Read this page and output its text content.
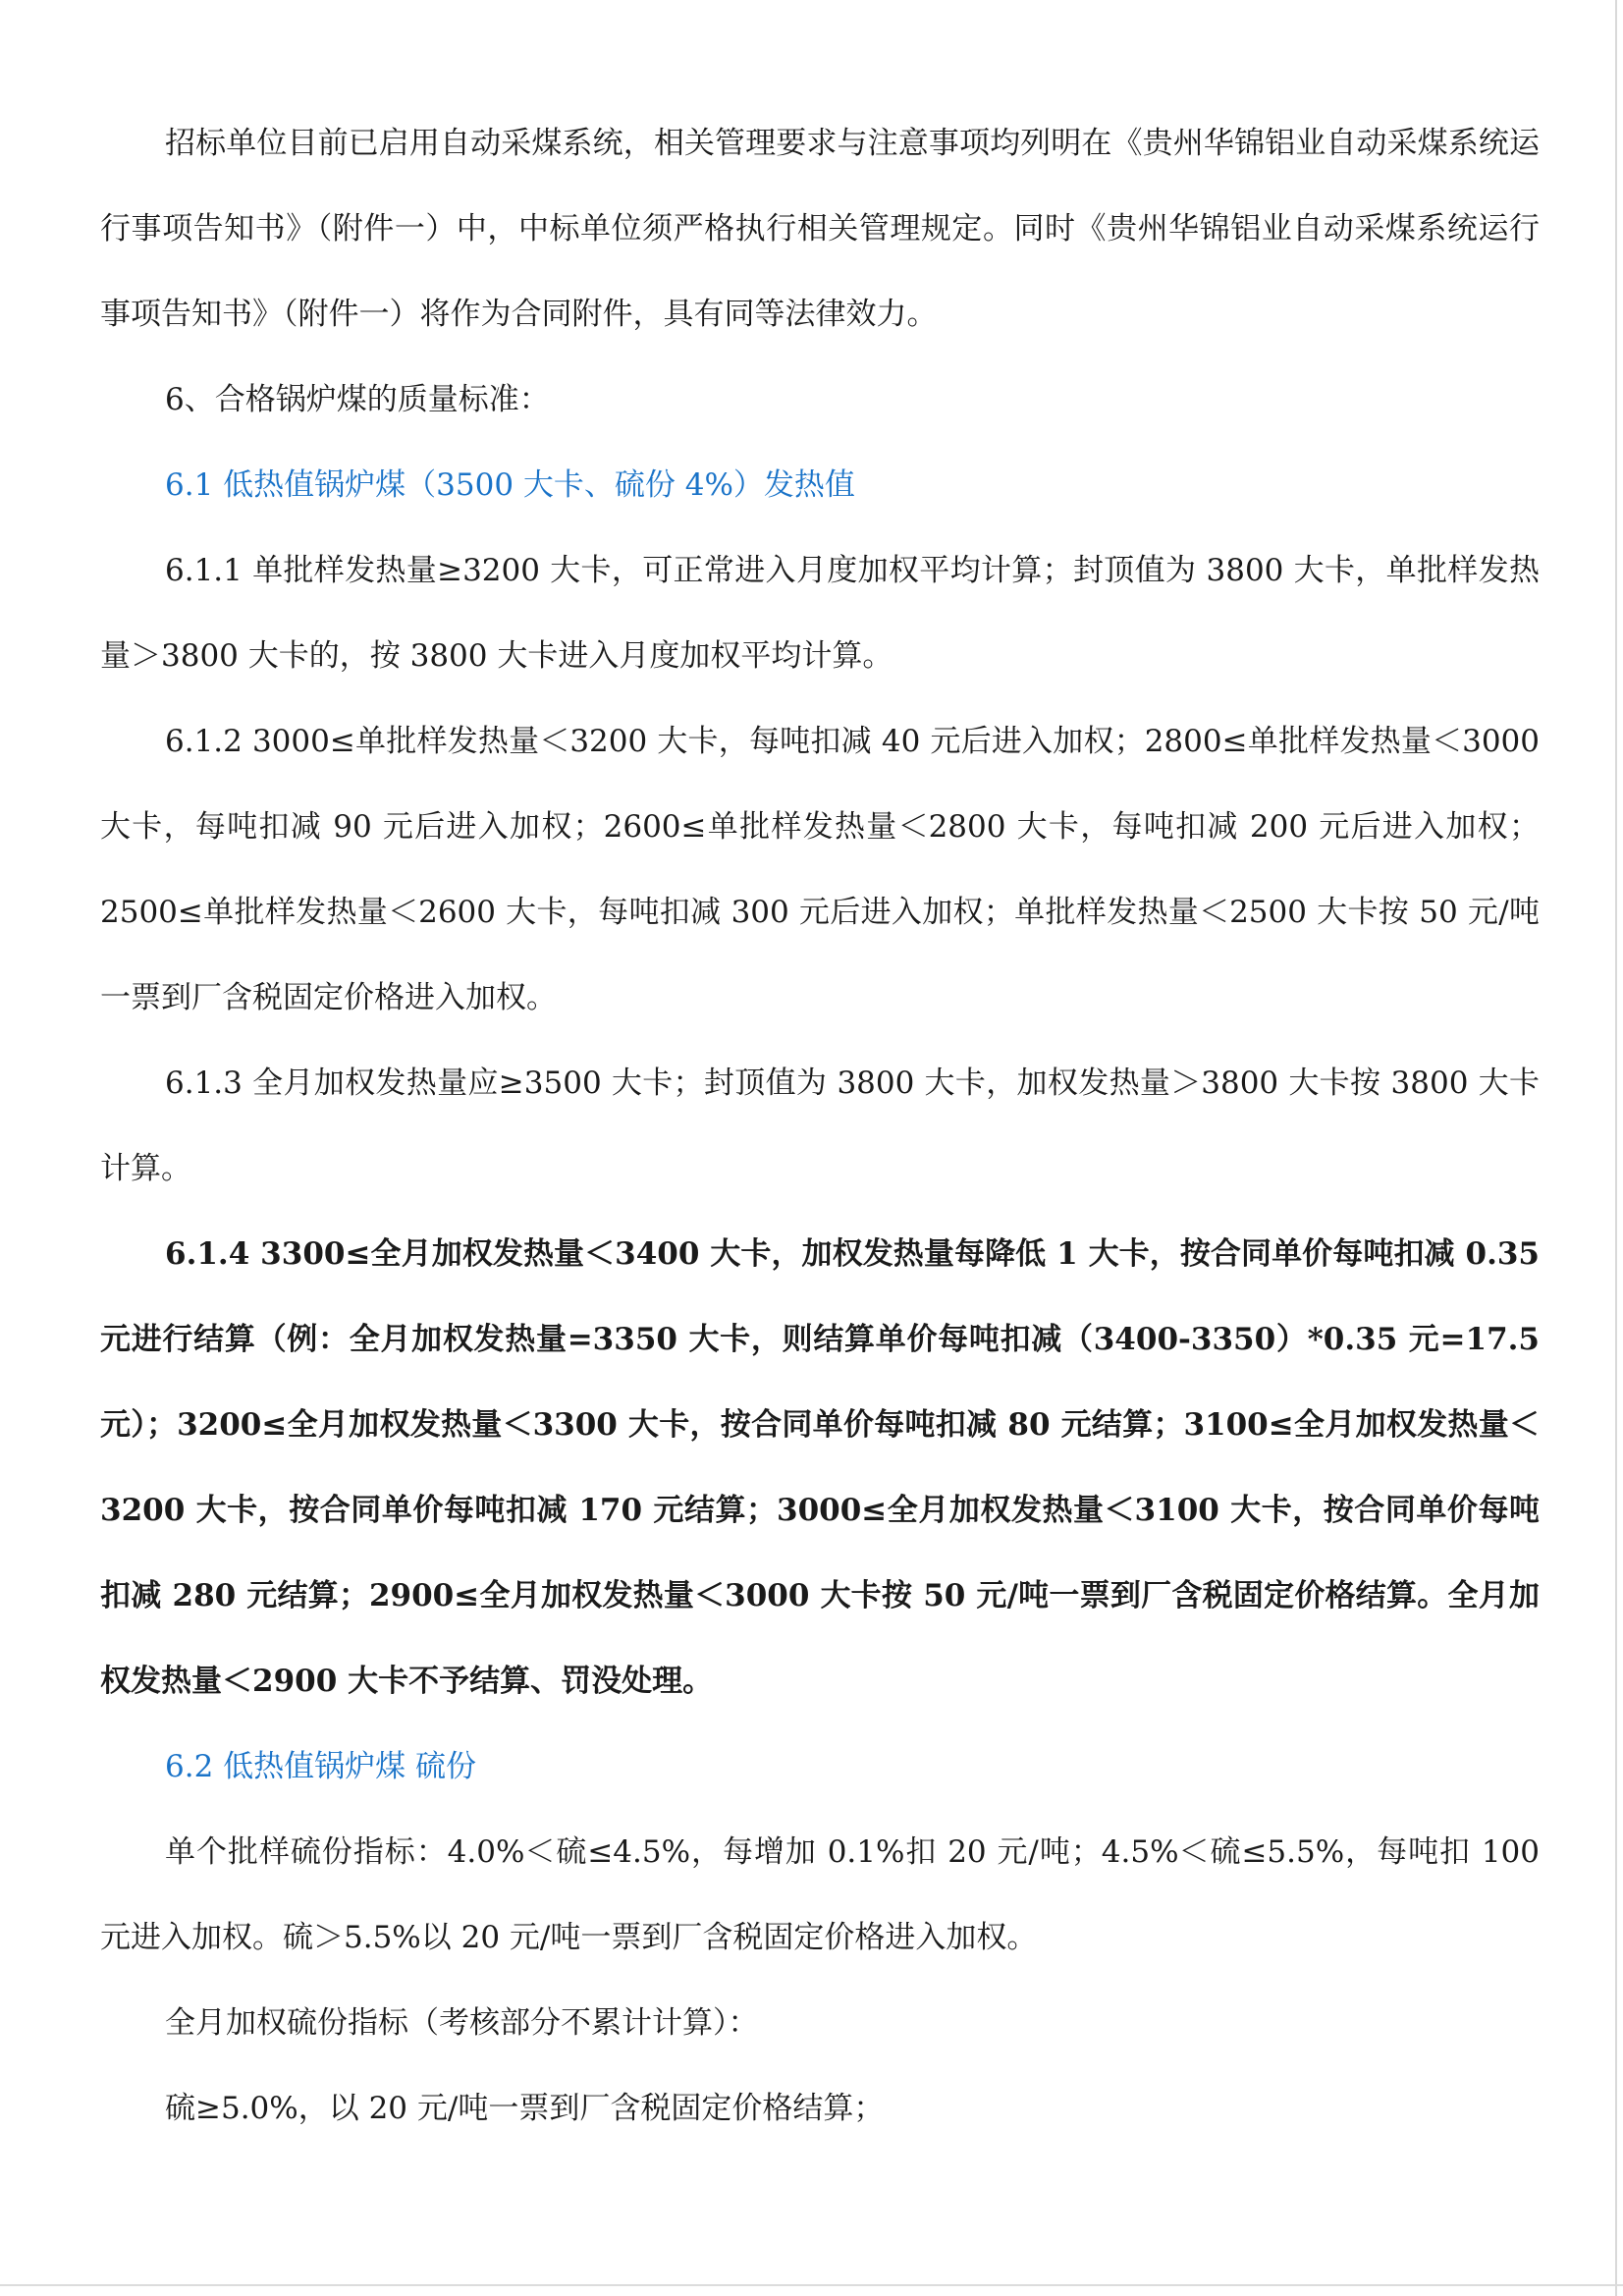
招标单位目前已启用自动采煤系统，相关管理要求与注意事项均列明在《贵州华锦铝业自动采煤系统运行事项告知书》（附件一）中，中标单位须严格执行相关管理规定。同时《贵州华锦铝业自动采煤系统运行事项告知书》（附件一）将作为合同附件，具有同等法律效力。

6、合格锅炉煤的质量标准：

6.1 低热值锅炉煤（3500 大卡、硫份 4%）发热值

6.1.1 单批样发热量≥3200 大卡，可正常进入月度加权平均计算；封顶值为 3800 大卡，单批样发热量＞3800 大卡的，按 3800 大卡进入月度加权平均计算。

6.1.2 3000≤单批样发热量＜3200 大卡，每吨扣减 40 元后进入加权；2800≤单批样发热量＜3000 大卡，每吨扣减 90 元后进入加权；2600≤单批样发热量＜2800 大卡，每吨扣减 200 元后进入加权；2500≤单批样发热量＜2600 大卡，每吨扣减 300 元后进入加权；单批样发热量＜2500 大卡按 50 元/吨一票到厂含税固定价格进入加权。

6.1.3 全月加权发热量应≥3500 大卡；封顶值为 3800 大卡，加权发热量＞3800 大卡按 3800 大卡计算。

6.1.4 3300≤全月加权发热量＜3400 大卡，加权发热量每降低 1 大卡，按合同单价每吨扣减 0.35 元进行结算（例：全月加权发热量=3350 大卡，则结算单价每吨扣减（3400-3350）*0.35 元=17.5 元）；3200≤全月加权发热量＜3300 大卡，按合同单价每吨扣减 80 元结算；3100≤全月加权发热量＜3200 大卡，按合同单价每吨扣减 170 元结算；3000≤全月加权发热量＜3100 大卡，按合同单价每吨扣减 280 元结算；2900≤全月加权发热量＜3000 大卡按 50 元/吨一票到厂含税固定价格结算。全月加权发热量＜2900 大卡不予结算、罚没处理。

6.2 低热值锅炉煤 硫份

单个批样硫份指标：4.0%＜硫≤4.5%，每增加 0.1%扣 20 元/吨；4.5%＜硫≤5.5%，每吨扣 100 元进入加权。硫＞5.5%以 20 元/吨一票到厂含税固定价格进入加权。

全月加权硫份指标（考核部分不累计计算）：

硫≥5.0%，以 20 元/吨一票到厂含税固定价格结算；
